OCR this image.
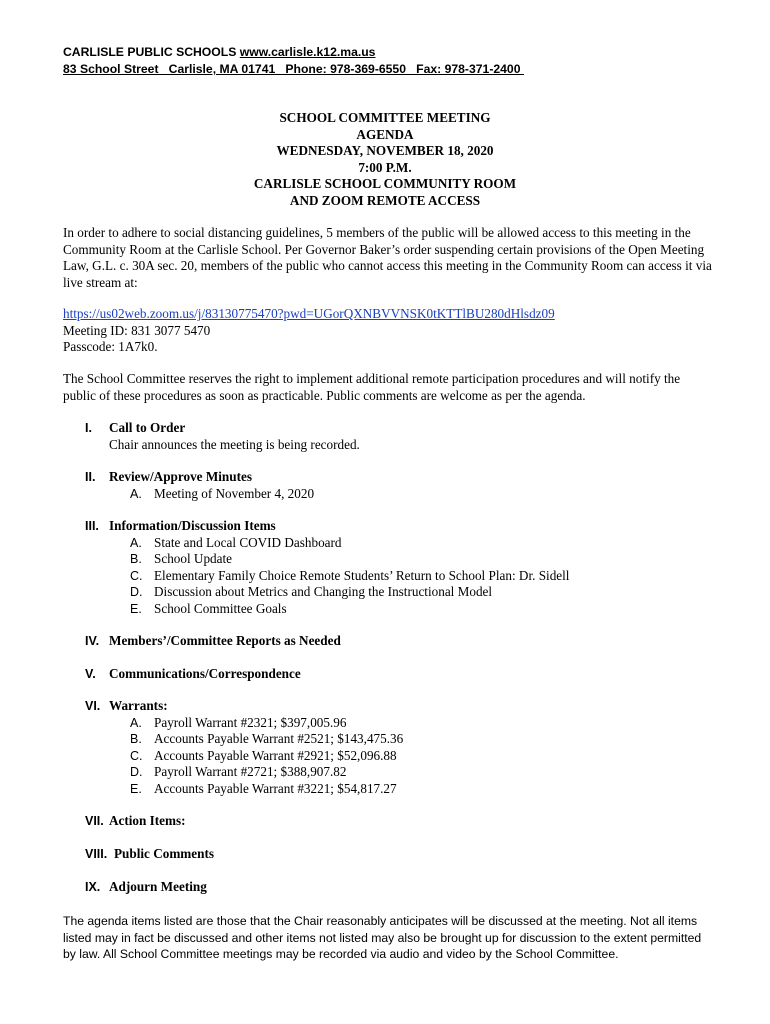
CARLISLE PUBLIC SCHOOLS www.carlisle.k12.ma.us
83 School Street   Carlisle, MA 01741   Phone: 978-369-6550   Fax: 978-371-2400
SCHOOL COMMITTEE MEETING
AGENDA
WEDNESDAY, NOVEMBER 18, 2020
7:00 P.M.
CARLISLE SCHOOL COMMUNITY ROOM
AND ZOOM REMOTE ACCESS
In order to adhere to social distancing guidelines, 5 members of the public will be allowed access to this meeting in the Community Room at the Carlisle School. Per Governor Baker’s order suspending certain provisions of the Open Meeting Law, G.L. c. 30A sec. 20, members of the public who cannot access this meeting in the Community Room can access it via live stream at:
https://us02web.zoom.us/j/83130775470?pwd=UGorQXNBVVNSK0tKTTlBU280dHlsdz09
Meeting ID: 831 3077 5470
Passcode: 1A7k0.
The School Committee reserves the right to implement additional remote participation procedures and will notify the public of these procedures as soon as practicable. Public comments are welcome as per the agenda.
I. Call to Order
Chair announces the meeting is being recorded.
II. Review/Approve Minutes
A. Meeting of November 4, 2020
III. Information/Discussion Items
A. State and Local COVID Dashboard
B. School Update
C. Elementary Family Choice Remote Students’ Return to School Plan: Dr. Sidell
D. Discussion about Metrics and Changing the Instructional Model
E. School Committee Goals
IV. Members’/Committee Reports as Needed
V. Communications/Correspondence
VI. Warrants:
A. Payroll Warrant #2321; $397,005.96
B. Accounts Payable Warrant #2521; $143,475.36
C. Accounts Payable Warrant #2921; $52,096.88
D. Payroll Warrant #2721; $388,907.82
E. Accounts Payable Warrant #3221; $54,817.27
VII. Action Items:
VIII. Public Comments
IX. Adjourn Meeting
The agenda items listed are those that the Chair reasonably anticipates will be discussed at the meeting. Not all items listed may in fact be discussed and other items not listed may also be brought up for discussion to the extent permitted by law. All School Committee meetings may be recorded via audio and video by the School Committee.
